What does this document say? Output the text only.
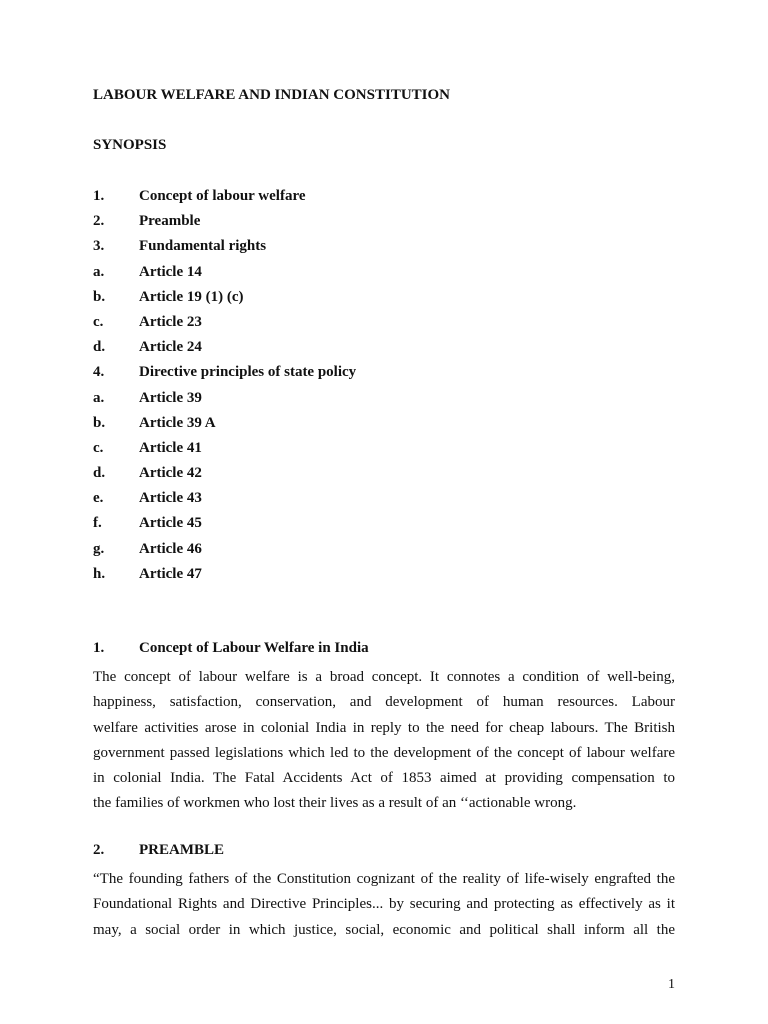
LABOUR WELFARE AND INDIAN CONSTITUTION
SYNOPSIS
1.	Concept of labour welfare
2.	Preamble
3.	Fundamental rights
a.	Article 14
b.	Article 19 (1) (c)
c.	Article 23
d.	Article 24
4.	Directive principles of state policy
a.	Article 39
b.	Article 39 A
c.	Article 41
d.	Article 42
e.	Article 43
f.	Article 45
g.	Article 46
h.	Article 47
1.	Concept of Labour Welfare in India

The concept of labour welfare is a broad concept. It connotes a condition of well-being,
happiness, satisfaction, conservation, and development of human resources. Labour
welfare activities arose in colonial India in reply to the need for cheap labours. The British
government passed legislations which led to the development of the concept of labour welfare
in colonial India. The Fatal Accidents Act of 1853 aimed at providing compensation to
the families of workmen who lost their lives as a result of an ‘‘actionable wrong.

2.	PREAMBLE

“The founding fathers of the Constitution cognizant of the reality of life-wisely engrafted the
Foundational Rights and Directive Principles... by securing and protecting as effectively as it
may, a social order in which justice, social, economic and political shall inform all the

1
